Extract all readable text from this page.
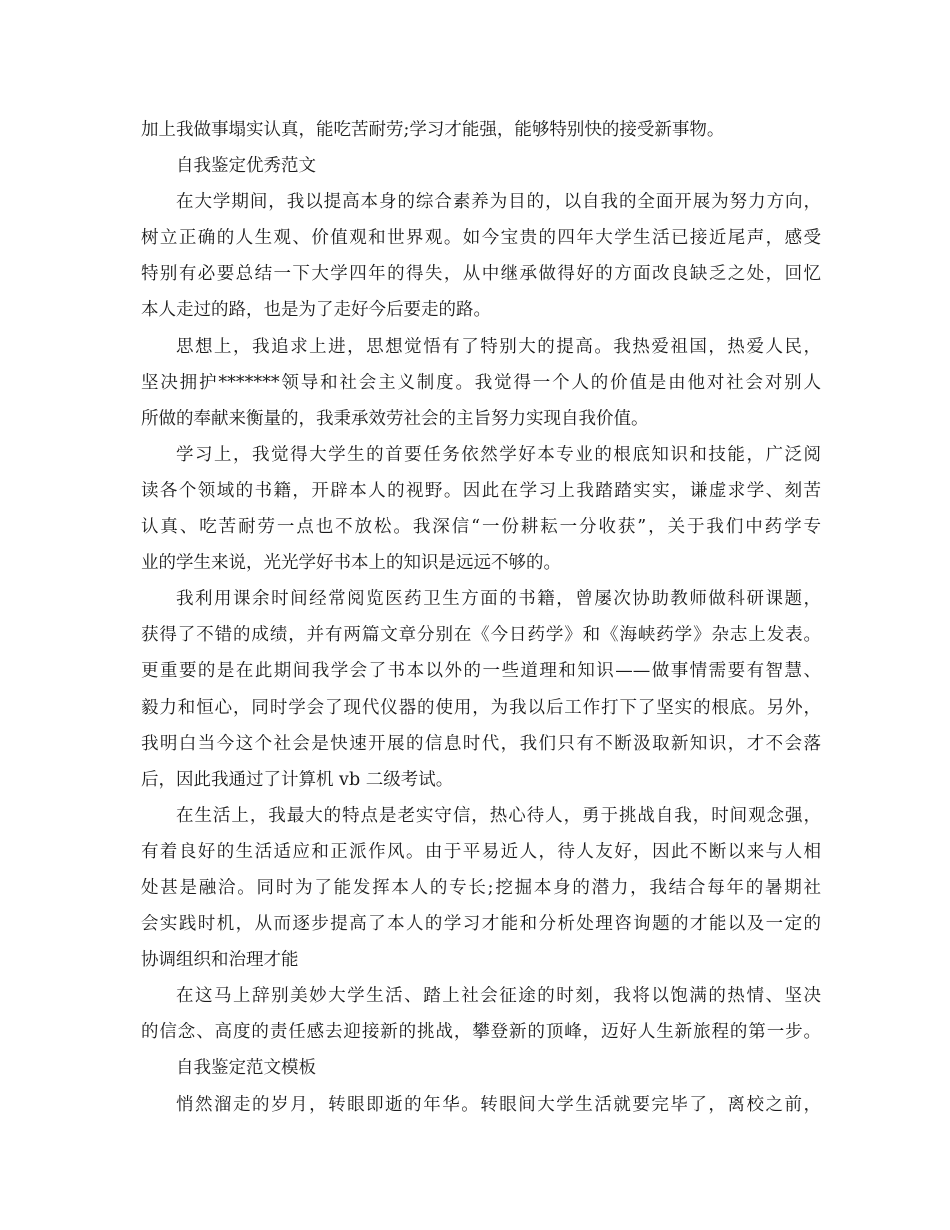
加上我做事塌实认真，能吃苦耐劳;学习才能强，能够特别快的接受新事物。
自我鉴定优秀范文
在大学期间，我以提高本身的综合素养为目的，以自我的全面开展为努力方向，
树立正确的人生观、价值观和世界观。如今宝贵的四年大学生活已接近尾声，感受
特别有必要总结一下大学四年的得失，从中继承做得好的方面改良缺乏之处，回忆
本人走过的路，也是为了走好今后要走的路。
思想上，我追求上进，思想觉悟有了特别大的提高。我热爱祖国，热爱人民，
坚决拥护*******领导和社会主义制度。我觉得一个人的价值是由他对社会对别人
所做的奉献来衡量的，我秉承效劳社会的主旨努力实现自我价值。
学习上，我觉得大学生的首要任务依然学好本专业的根底知识和技能，广泛阅
读各个领域的书籍，开辟本人的视野。因此在学习上我踏踏实实，谦虚求学、刻苦
认真、吃苦耐劳一点也不放松。我深信“一份耕耘一分收获”，关于我们中药学专
业的学生来说，光光学好书本上的知识是远远不够的。
我利用课余时间经常阅览医药卫生方面的书籍，曾屡次协助教师做科研课题，
获得了不错的成绩，并有两篇文章分别在《今日药学》和《海峡药学》杂志上发表。
更重要的是在此期间我学会了书本以外的一些道理和知识——做事情需要有智慧、
毅力和恒心，同时学会了现代仪器的使用，为我以后工作打下了坚实的根底。另外，
我明白当今这个社会是快速开展的信息时代，我们只有不断汲取新知识，才不会落
后，因此我通过了计算机 vb 二级考试。
在生活上，我最大的特点是老实守信，热心待人，勇于挑战自我，时间观念强，
有着良好的生活适应和正派作风。由于平易近人，待人友好，因此不断以来与人相
处甚是融洽。同时为了能发挥本人的专长;挖掘本身的潜力，我结合每年的暑期社
会实践时机，从而逐步提高了本人的学习才能和分析处理咨询题的才能以及一定的
协调组织和治理才能
在这马上辞别美妙大学生活、踏上社会征途的时刻，我将以饱满的热情、坚决
的信念、高度的责任感去迎接新的挑战，攀登新的顶峰，迈好人生新旅程的第一步。
自我鉴定范文模板
悄然溜走的岁月，转眼即逝的年华。转眼间大学生活就要完毕了，离校之前，
